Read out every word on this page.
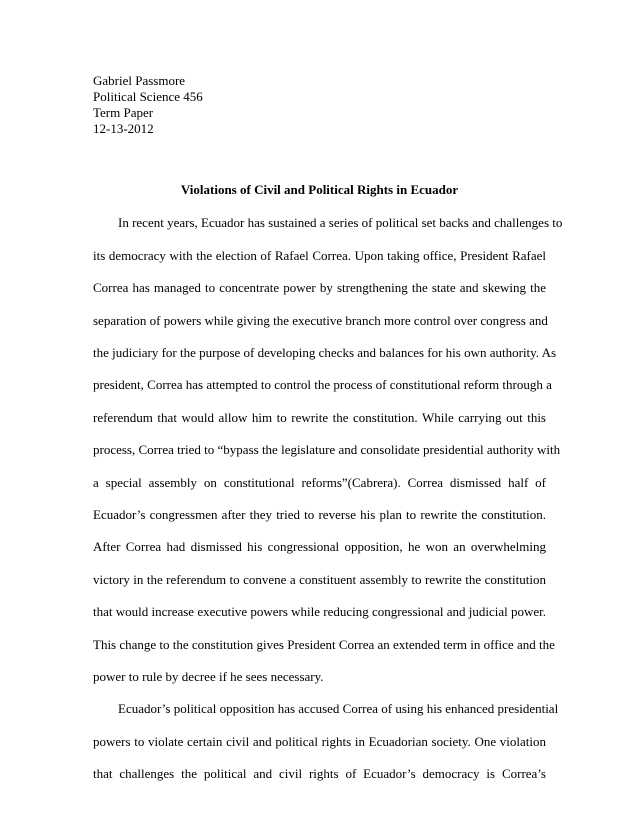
Gabriel Passmore
Political Science 456
Term Paper
12-13-2012
Violations of Civil and Political Rights in Ecuador
In recent years, Ecuador has sustained a series of political set backs and challenges to
its democracy with the election of Rafael Correa. Upon taking office, President Rafael
Correa has managed to concentrate power by strengthening the state and skewing the
separation of powers while giving the executive branch more control over congress and
the judiciary for the purpose of developing checks and balances for his own authority. As
president, Correa has attempted to control the process of constitutional reform through a
referendum that would allow him to rewrite the constitution. While carrying out this
process, Correa tried to “bypass the legislature and consolidate presidential authority with
a special assembly on constitutional reforms”(Cabrera). Correa dismissed half of
Ecuador’s congressmen after they tried to reverse his plan to rewrite the constitution.
After Correa had dismissed his congressional opposition, he won an overwhelming
victory in the referendum to convene a constituent assembly to rewrite the constitution
that would increase executive powers while reducing congressional and judicial power.
This change to the constitution gives President Correa an extended term in office and the
power to rule by decree if he sees necessary.
Ecuador’s political opposition has accused Correa of using his enhanced presidential
powers to violate certain civil and political rights in Ecuadorian society. One violation
that challenges the political and civil rights of Ecuador’s democracy is Correa’s
